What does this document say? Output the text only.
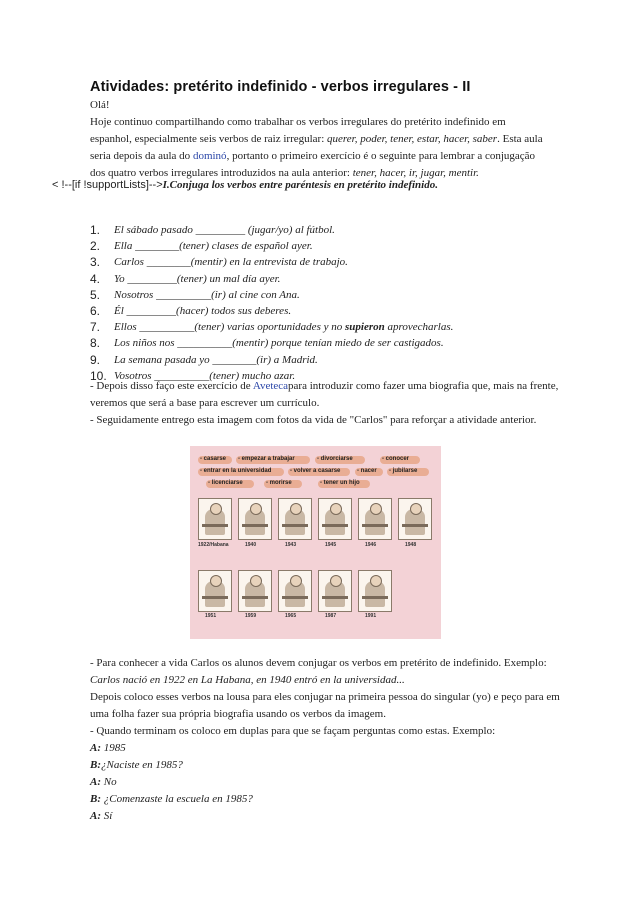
Atividades: pretérito indefinido - verbos irregulares - II

Olá!

Hoje continuo compartilhando como trabalhar os verbos irregulares do pretérito indefinido em espanhol, especialmente seis verbos de raiz irregular: querer, poder, tener, estar, hacer, saber. Esta aula seria depois da aula do dominó, portanto o primeiro exercício é o seguinte para lembrar a conjugação dos quatro verbos irregulares introduzidos na aula anterior: tener, hacer, ir, jugar, mentir.

< !--[if !supportLists]-->I.Conjuga los verbos entre paréntesis en pretérito indefinido.
1.	El sábado pasado _________ (jugar/yo) al fútbol.
2.	Ella ________(tener) clases de español ayer.
3.	Carlos ________(mentir) en la entrevista de trabajo.
4.	Yo _________(tener) un mal día ayer.
5.	Nosotros __________(ir) al cine con Ana.
6.	Él _________(hacer) todos sus deberes.
7.	Ellos __________(tener) varias oportunidades y no supieron aprovecharlas.
8.	Los niños nos __________(mentir) porque tenían miedo de ser castigados.
9.	La semana pasada yo ________(ir) a Madrid.
10. Vosotros __________(tener) mucho azar.

- Depois disso faço este exercício de Avetecapara introduzir como fazer uma biografia que, mais na frente, veremos que será a base para escrever um currículo.

- Seguidamente entrego esta imagem com fotos da vida de "Carlos" para reforçar a atividade anterior.

- casarse - empezar a trabajar	- divorciarse	- conocer
- entrar en la universidad	- volver a casarse	- nacer - jubilarse
- licenciarse	- morirse	- tener un hijo
1922/Habana	1940	1943	1945	1946	1948
1951	1959	1965	1987	1991

- Para conhecer a vida Carlos os alunos devem conjugar os verbos em pretérito de indefinido. Exemplo: Carlos nació en 1922 en La Habana, en 1940 entró en la universidad...

Depois coloco esses verbos na lousa para eles conjugar na primeira pessoa do singular (yo) e peço para em uma folha fazer sua própria biografia usando os verbos da imagem.

- Quando terminam os coloco em duplas para que se façam perguntas como estas. Exemplo:

A: 1985

B:¿Naciste en 1985?

A: No

B: ¿Comenzaste la escuela en 1985?

A: Sí
